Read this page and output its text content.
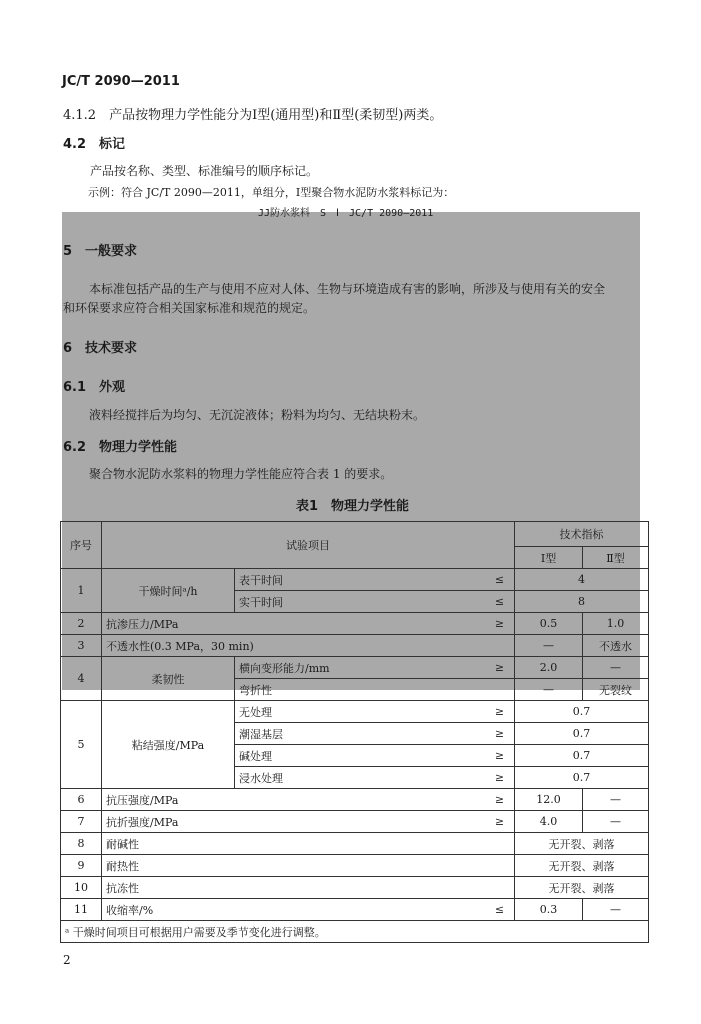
JC/T 2090—2011
4.1.2　产品按物理力学性能分为Ⅰ型(通用型)和Ⅱ型(柔韧型)两类。
4.2　标记
产品按名称、类型、标准编号的顺序标记。
示例：符合 JC/T 2090—2011，单组分，Ⅰ型聚合物水泥防水浆料标记为：
JJ防水浆料　S　Ⅰ　JC/T 2090—2011
5　一般要求
本标准包括产品的生产与使用不应对人体、生物与环境造成有害的影响，所涉及与使用有关的安全
和环保要求应符合相关国家标准和规范的规定。
6　技术要求
6.1　外观
液料经搅拌后为均匀、无沉淀液体；粉料为均匀、无结块粉末。
6.2　物理力学性能
聚合物水泥防水浆料的物理力学性能应符合表 1 的要求。
表1　物理力学性能
序号	试验项目			技术指标	
				Ⅰ型	Ⅱ型
1	干燥时间ᵃ/h	表干时间	≤	4	
		实干时间	≤	8	
2	抗渗压力/MPa		≥	0.5	1.0
3	不透水性(0.3 MPa，30 min)			—	不透水
4	柔韧性	横向变形能力/mm	≥	2.0	—
		弯折性		—	无裂纹
5	粘结强度/MPa	无处理	≥	0.7	
		潮湿基层	≥	0.7	
		碱处理	≥	0.7	
		浸水处理	≥	0.7	
6	抗压强度/MPa		≥	12.0	—
7	抗折强度/MPa		≥	4.0	—
8	耐碱性			无开裂、剥落	
9	耐热性			无开裂、剥落	
10	抗冻性			无开裂、剥落	
11	收缩率/%		≤	0.3	—
ᵃ 干燥时间项目可根据用户需要及季节变化进行调整。					
2
